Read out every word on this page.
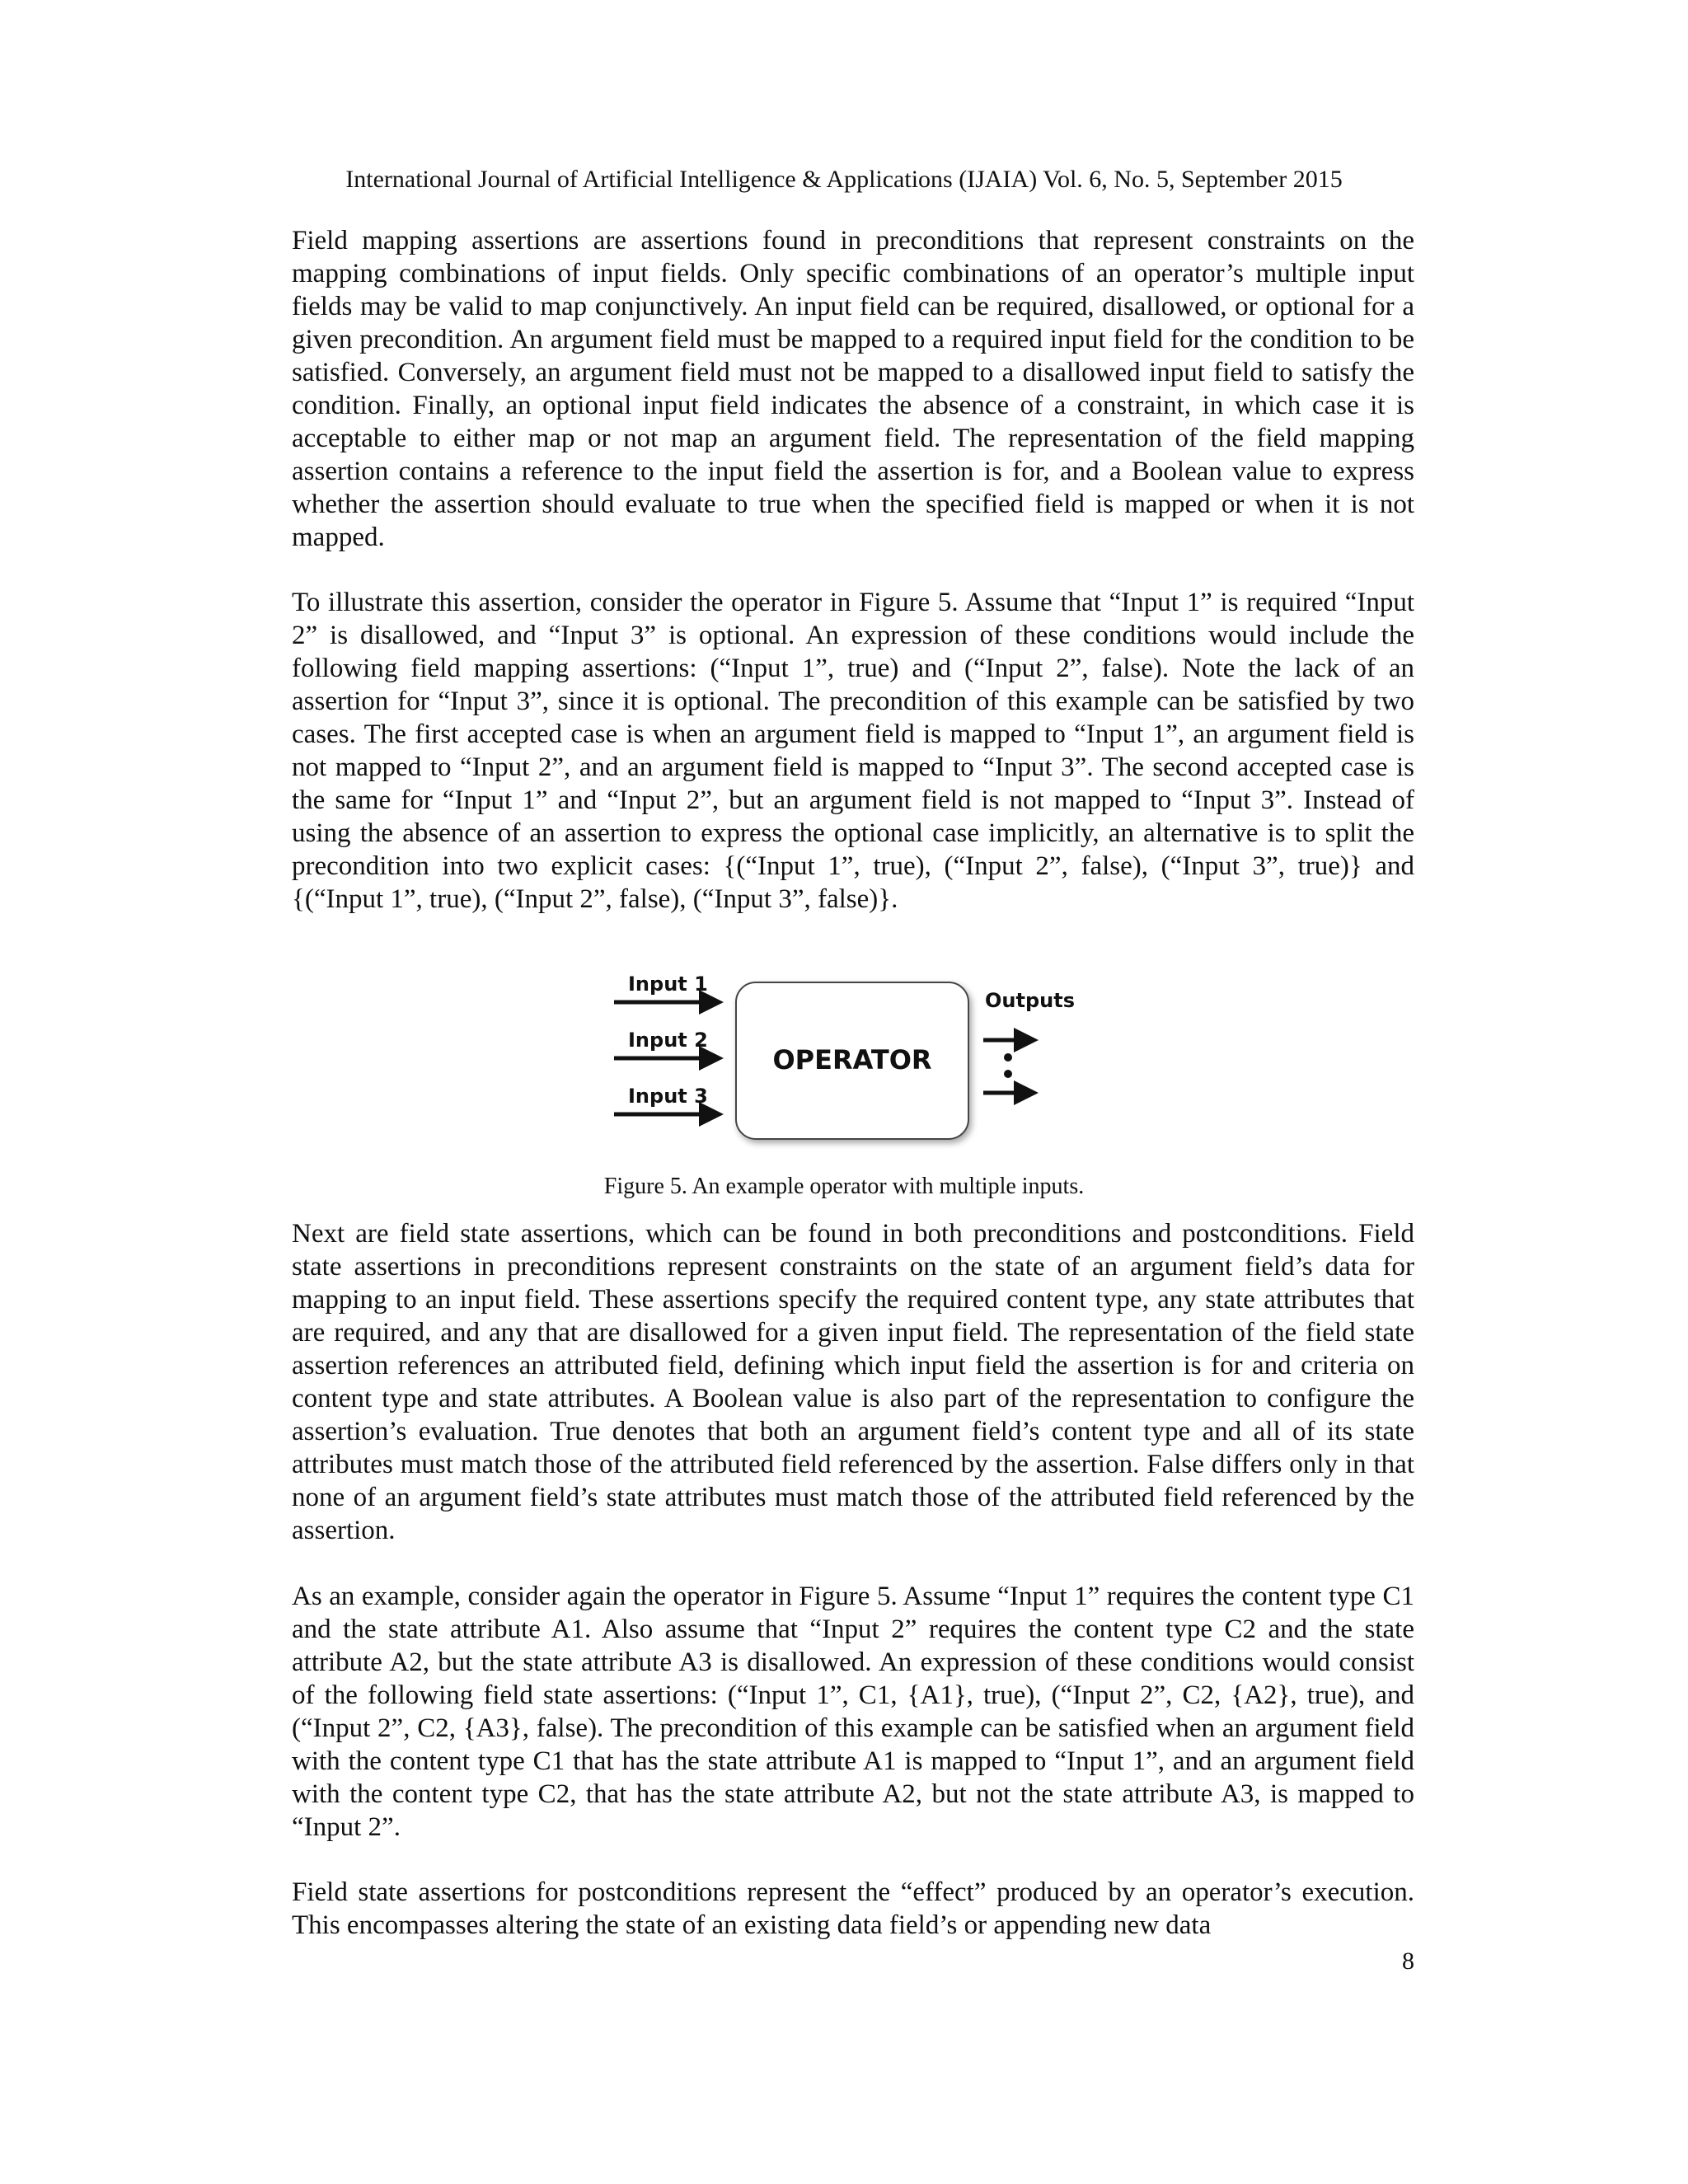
International Journal of Artificial Intelligence & Applications (IJAIA) Vol. 6, No. 5, September 2015

Field mapping assertions are assertions found in preconditions that represent constraints on the mapping combinations of input fields. Only specific combinations of an operator’s multiple input fields may be valid to map conjunctively. An input field can be required, disallowed, or optional for a given precondition. An argument field must be mapped to a required input field for the condition to be satisfied. Conversely, an argument field must not be mapped to a disallowed input field to satisfy the condition. Finally, an optional input field indicates the absence of a constraint, in which case it is acceptable to either map or not map an argument field. The representation of the field mapping assertion contains a reference to the input field the assertion is for, and a Boolean value to express whether the assertion should evaluate to true when the specified field is mapped or when it is not mapped.

To illustrate this assertion, consider the operator in Figure 5. Assume that “Input 1” is required “Input 2” is disallowed, and “Input 3” is optional. An expression of these conditions would include the following field mapping assertions: (“Input 1”, true) and (“Input 2”, false). Note the lack of an assertion for “Input 3”, since it is optional. The precondition of this example can be satisfied by two cases. The first accepted case is when an argument field is mapped to “Input 1”, an argument field is not mapped to “Input 2”, and an argument field is mapped to “Input 3”. The second accepted case is the same for “Input 1” and “Input 2”, but an argument field is not mapped to “Input 3”. Instead of using the absence of an assertion to express the optional case implicitly, an alternative is to split the precondition into two explicit cases: {(“Input 1”, true), (“Input 2”, false), (“Input 3”, true)} and {(“Input 1”, true), (“Input 2”, false), (“Input 3”, false)}.

Input 1
Input 2
Input 3
OPERATOR
Outputs
Figure 5. An example operator with multiple inputs.

Next are field state assertions, which can be found in both preconditions and postconditions. Field state assertions in preconditions represent constraints on the state of an argument field’s data for mapping to an input field. These assertions specify the required content type, any state attributes that are required, and any that are disallowed for a given input field. The representation of the field state assertion references an attributed field, defining which input field the assertion is for and criteria on content type and state attributes. A Boolean value is also part of the representation to configure the assertion’s evaluation. True denotes that both an argument field’s content type and all of its state attributes must match those of the attributed field referenced by the assertion. False differs only in that none of an argument field’s state attributes must match those of the attributed field referenced by the assertion.

As an example, consider again the operator in Figure 5. Assume “Input 1” requires the content type C1 and the state attribute A1. Also assume that “Input 2” requires the content type C2 and the state attribute A2, but the state attribute A3 is disallowed. An expression of these conditions would consist of the following field state assertions: (“Input 1”, C1, {A1}, true), (“Input 2”, C2, {A2}, true), and (“Input 2”, C2, {A3}, false). The precondition of this example can be satisfied when an argument field with the content type C1 that has the state attribute A1 is mapped to “Input 1”, and an argument field with the content type C2, that has the state attribute A2, but not the state attribute A3, is mapped to “Input 2”.

Field state assertions for postconditions represent the “effect” produced by an operator’s execution. This encompasses altering the state of an existing data field’s or appending new data

8
